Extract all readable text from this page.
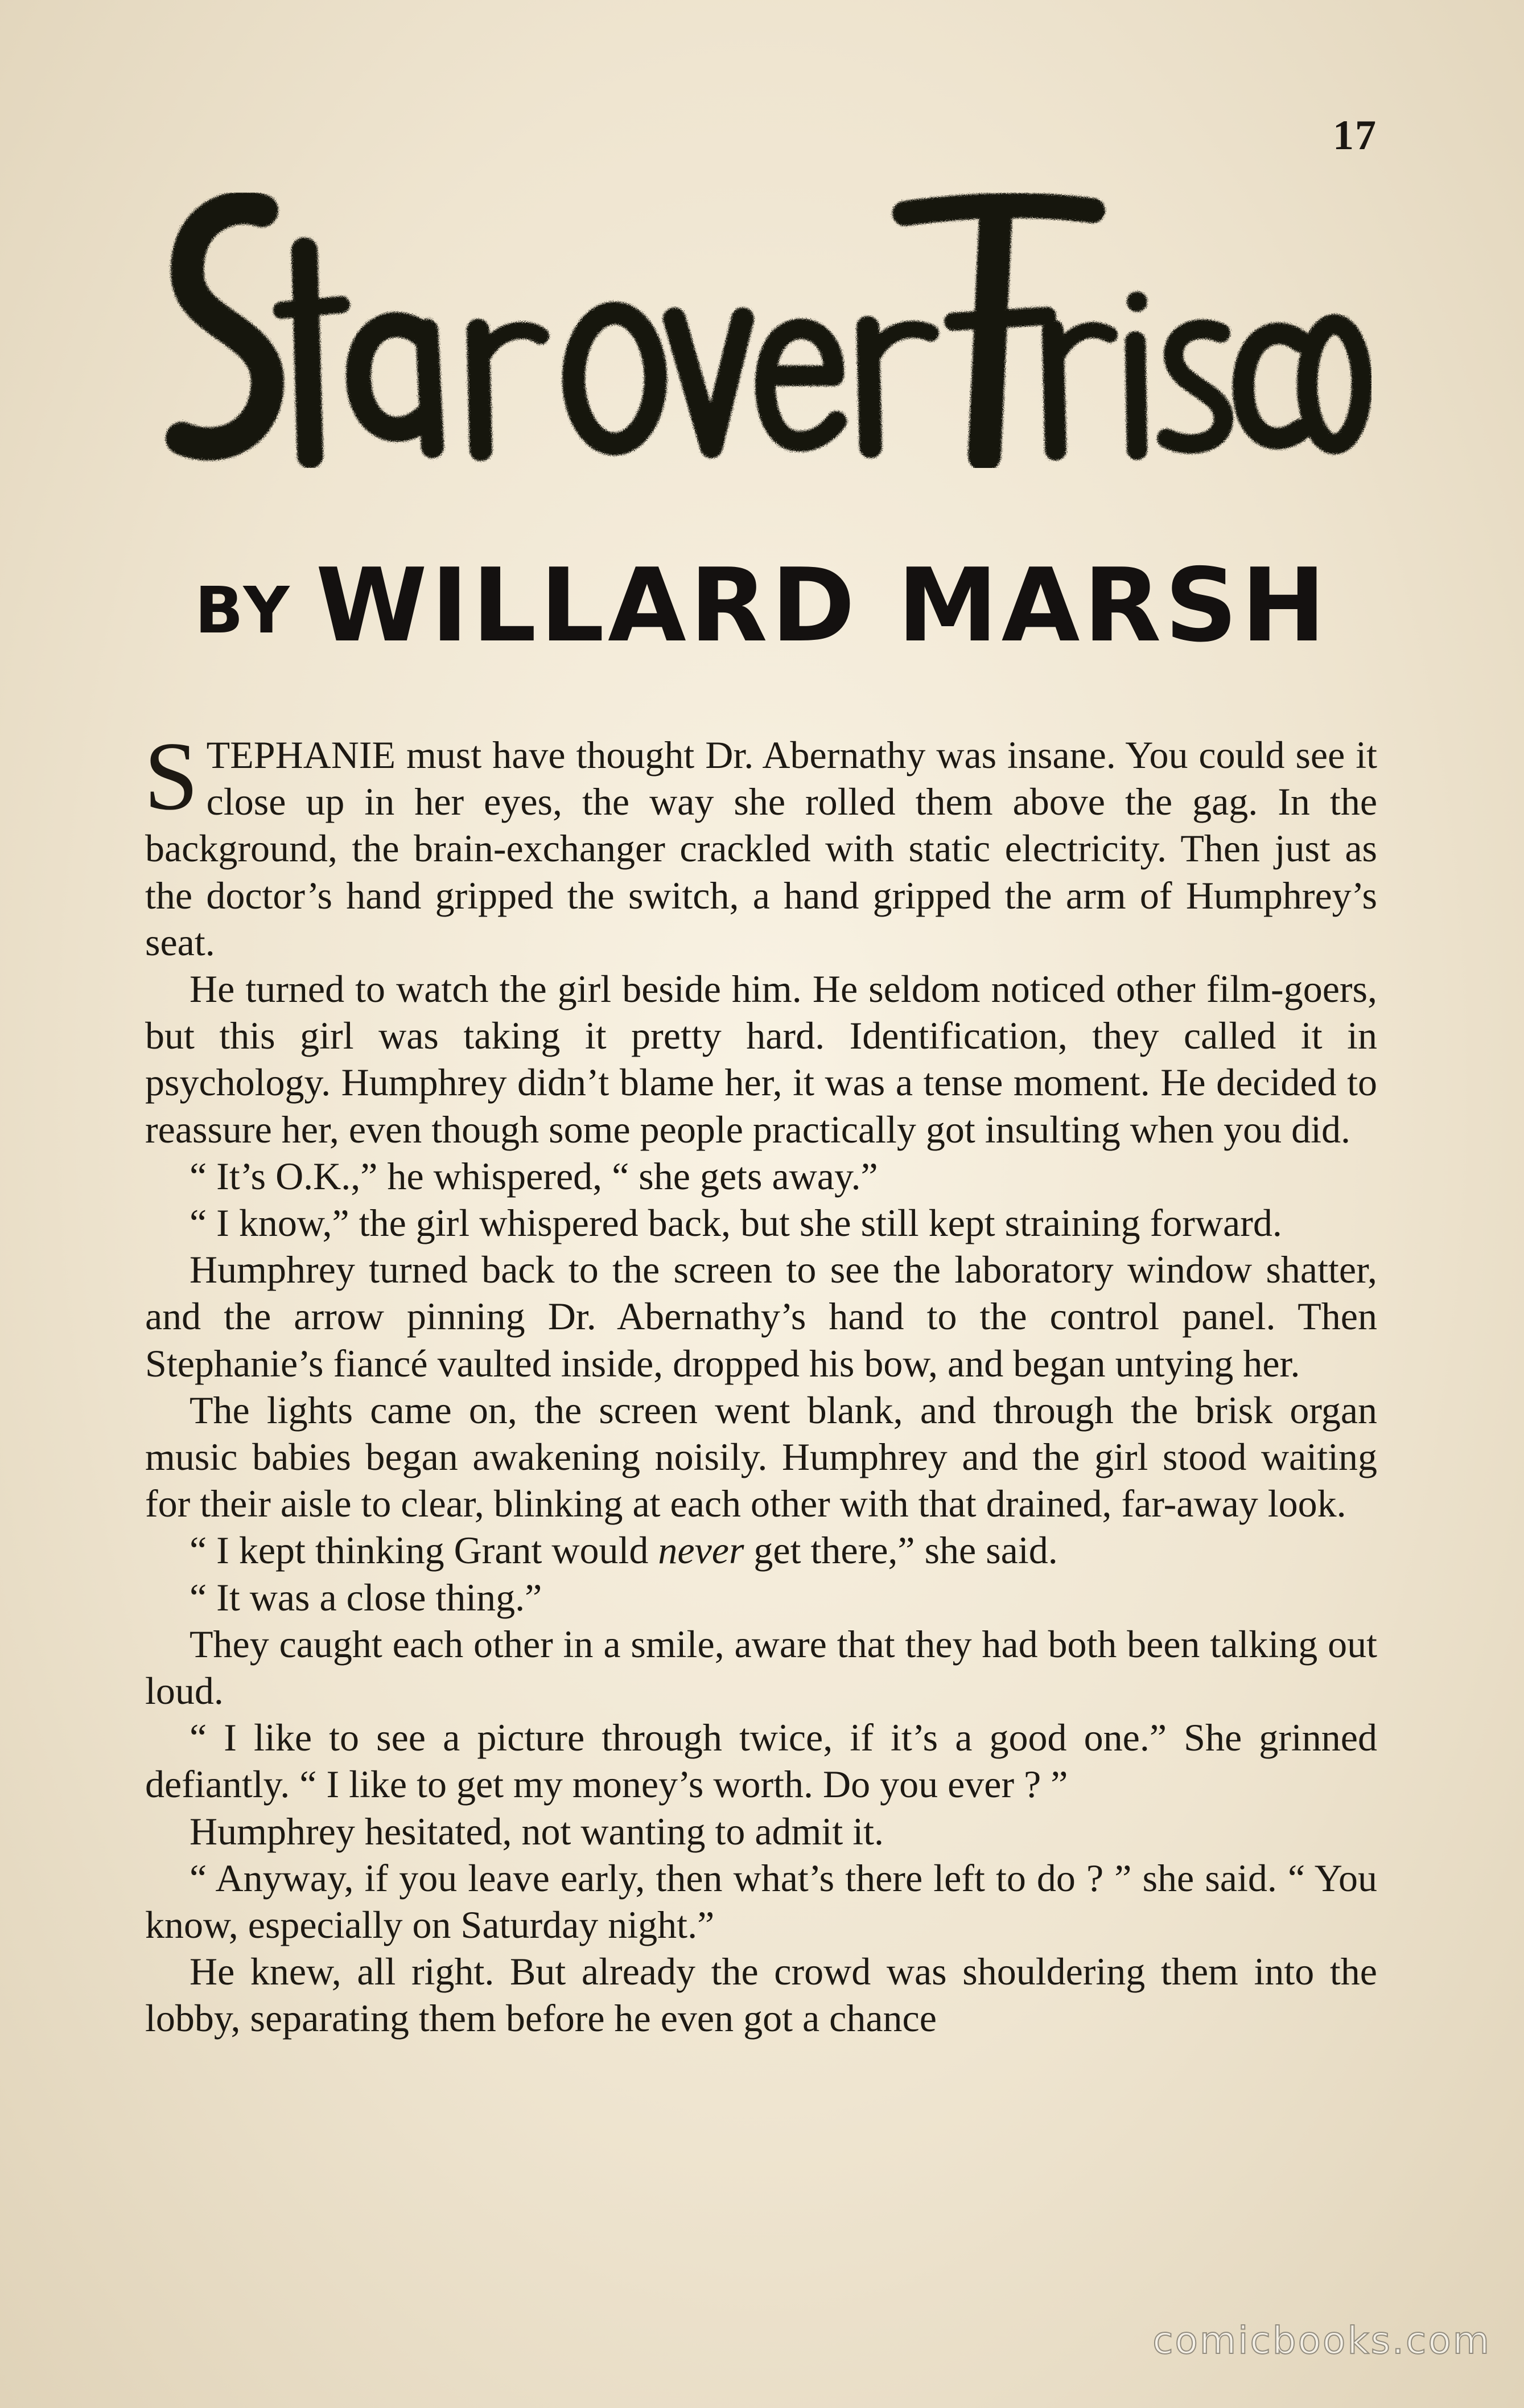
17
BY WILLARD MARSH

STEPHANIE must have thought Dr. Abernathy was insane. You could see it close up in her eyes, the way she rolled them above the gag. In the background, the brain-exchanger crackled with static electricity. Then just as the doctor’s hand gripped the switch, a hand gripped the arm of Humphrey’s seat.

He turned to watch the girl beside him. He seldom noticed other film-goers, but this girl was taking it pretty hard. Identification, they called it in psychology. Humphrey didn’t blame her, it was a tense moment. He decided to reassure her, even though some people practically got insulting when you did.

“ It’s O.K.,” he whispered, “ she gets away.”

“ I know,” the girl whispered back, but she still kept straining forward.

Humphrey turned back to the screen to see the laboratory window shatter, and the arrow pinning Dr. Abernathy’s hand to the control panel. Then Stephanie’s fiancé vaulted inside, dropped his bow, and began untying her.

The lights came on, the screen went blank, and through the brisk organ music babies began awakening noisily. Humphrey and the girl stood waiting for their aisle to clear, blinking at each other with that drained, far-away look.

“ I kept thinking Grant would never get there,” she said.

“ It was a close thing.”

They caught each other in a smile, aware that they had both been talking out loud.

“ I like to see a picture through twice, if it’s a good one.” She grinned defiantly. “ I like to get my money’s worth. Do you ever ? ”

Humphrey hesitated, not wanting to admit it.

“ Anyway, if you leave early, then what’s there left to do ? ” she said. “ You know, especially on Saturday night.”

He knew, all right. But already the crowd was shouldering them into the lobby, separating them before he even got a chance

comicbooks.com
